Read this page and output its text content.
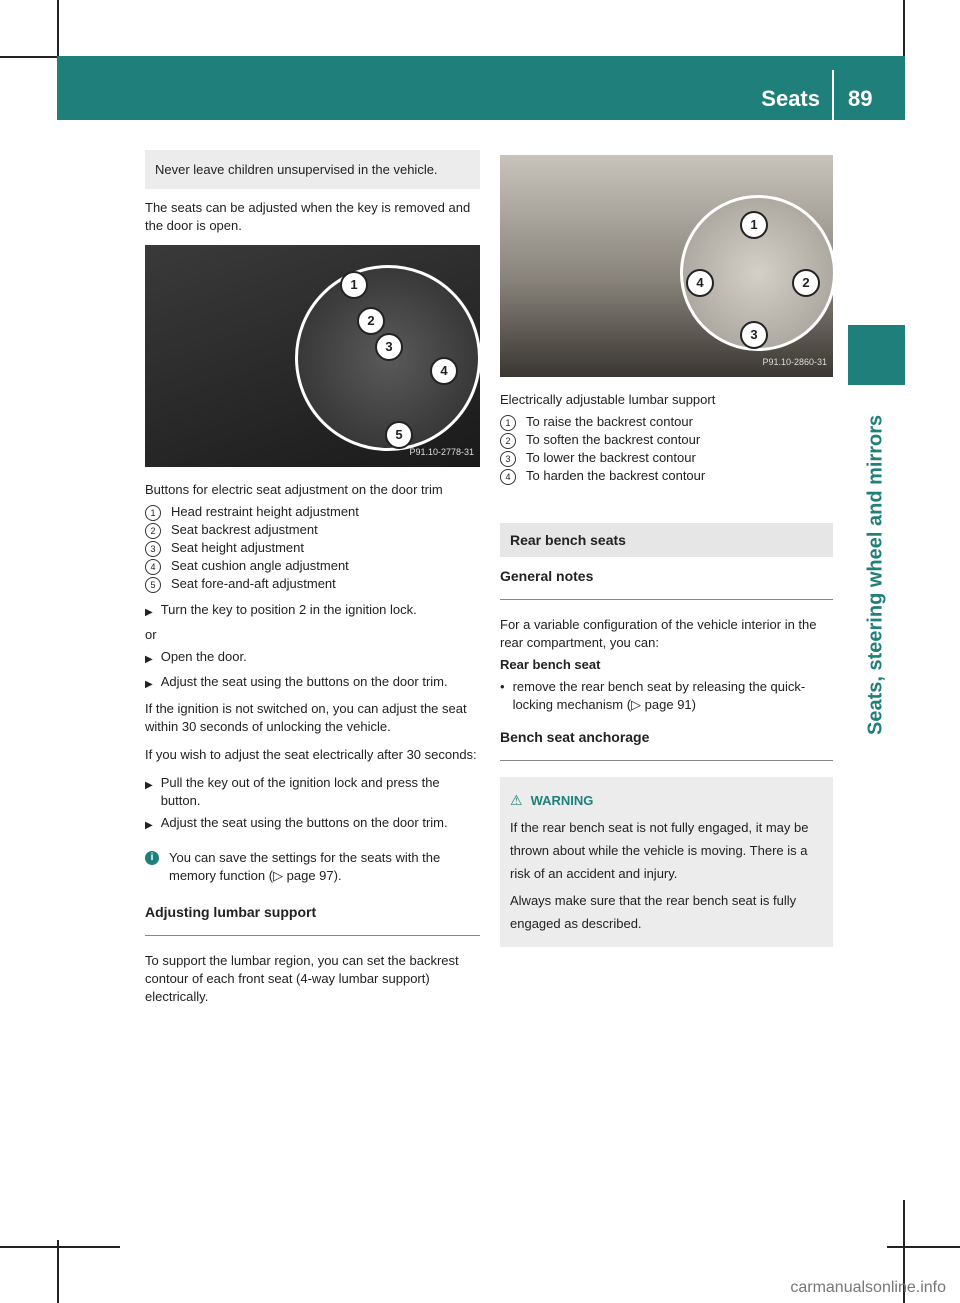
Seats 89
Seats, steering wheel and mirrors
Never leave children unsupervised in the vehicle.

The seats can be adjusted when the key is removed and the door is open.

1
2
3
4
5
P91.10-2778-31

Buttons for electric seat adjustment on the door trim

1	Head restraint height adjustment
2	Seat backrest adjustment
3	Seat height adjustment
4	Seat cushion angle adjustment
5	Seat fore-and-aft adjustment
▶ Turn the key to position 2 in the ignition lock.

or

▶ Open the door.
▶ Adjust the seat using the buttons on the door trim.

If the ignition is not switched on, you can adjust the seat within 30 seconds of unlocking the vehicle.

If you wish to adjust the seat electrically after 30 seconds:

▶ Pull the key out of the ignition lock and press the button.
▶ Adjust the seat using the buttons on the door trim.
i	You can save the settings for the seats with the memory function (▷ page 97).
Adjusting lumbar support

To support the lumbar region, you can set the backrest contour of each front seat (4-way lumbar support) electrically.

1
2
3
4
P91.10-2860-31

Electrically adjustable lumbar support

1	To raise the backrest contour
2	To soften the backrest contour
3	To lower the backrest contour
4	To harden the backrest contour
Rear bench seats
General notes

For a variable configuration of the vehicle interior in the rear compartment, you can:

Rear bench seat

• remove the rear bench seat by releasing the quick-locking mechanism (▷ page 91)
Bench seat anchorage
⚠ WARNING

If the rear bench seat is not fully engaged, it may be thrown about while the vehicle is moving. There is a risk of an accident and injury.

Always make sure that the rear bench seat is fully engaged as described.

carmanualsonline.info
